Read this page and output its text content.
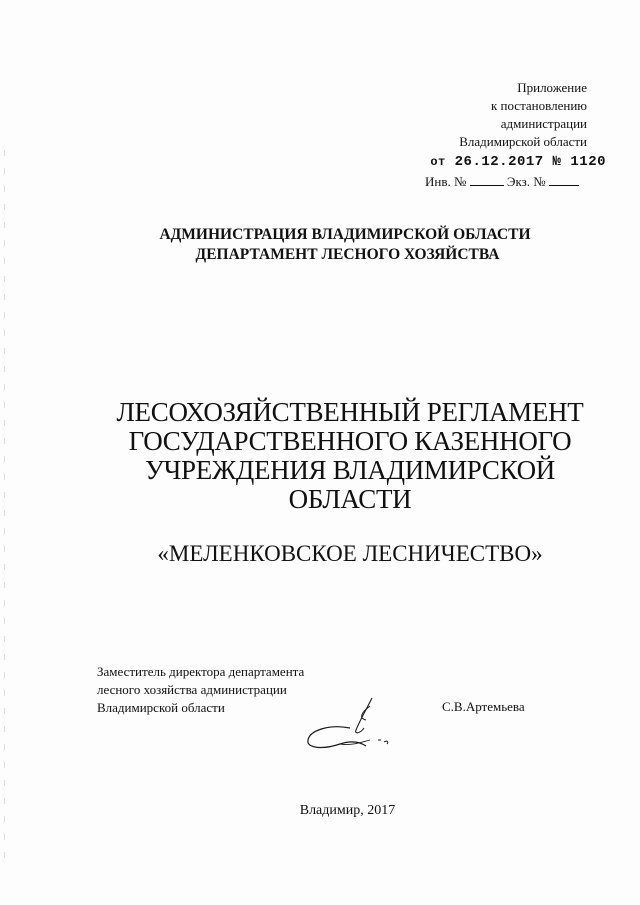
Приложение
к постановлению
администрации
Владимирской области
от 26.12.2017 № 1120
Инв. №	Экз. №
АДМИНИСТРАЦИЯ ВЛАДИМИРСКОЙ ОБЛАСТИ
ДЕПАРТАМЕНТ ЛЕСНОГО ХОЗЯЙСТВА
ЛЕСОХОЗЯЙСТВЕННЫЙ РЕГЛАМЕНТ
ГОСУДАРСТВЕННОГО КАЗЕННОГО
УЧРЕЖДЕНИЯ ВЛАДИМИРСКОЙ
ОБЛАСТИ
«МЕЛЕНКОВСКОЕ ЛЕСНИЧЕСТВО»
Заместитель директора департамента
лесного хозяйства администрации
Владимирской области	С.В.Артемьева
Владимир, 2017
